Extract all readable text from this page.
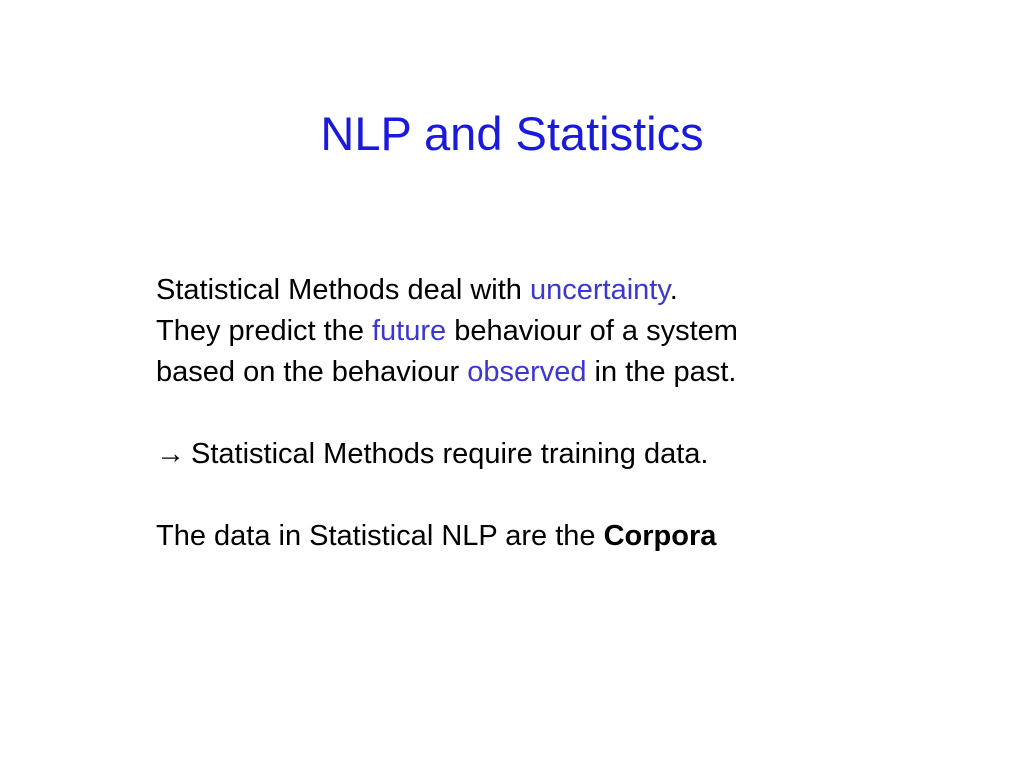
NLP and Statistics
Statistical Methods deal with uncertainty.
They predict the future behaviour of a system
based on the behaviour observed in the past.
→ Statistical Methods require training data.
The data in Statistical NLP are the Corpora
